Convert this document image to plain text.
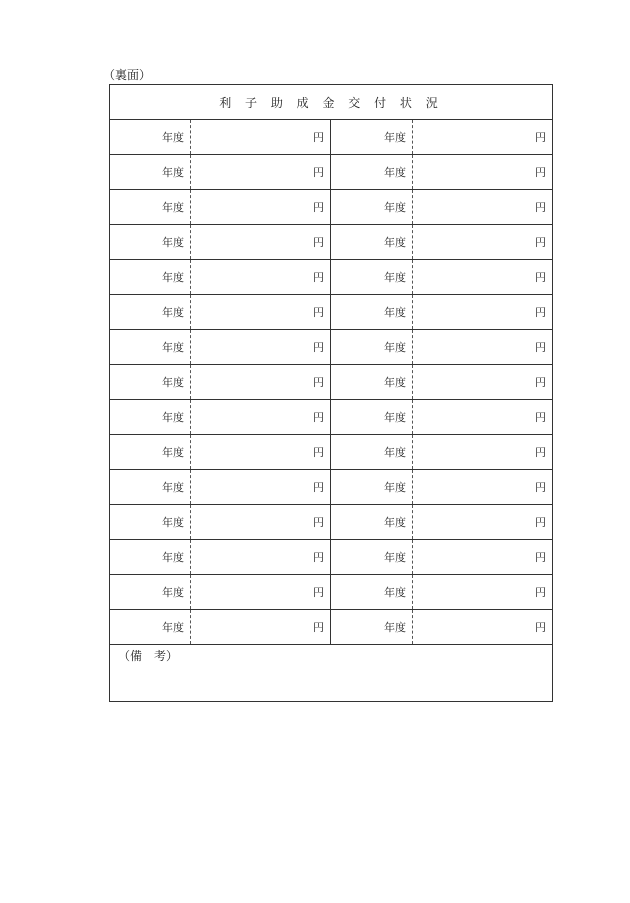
（裏面）
利 子 助 成 金 交 付 状 況
年度	円	年度	円
年度	円	年度	円
年度	円	年度	円
年度	円	年度	円
年度	円	年度	円
年度	円	年度	円
年度	円	年度	円
年度	円	年度	円
年度	円	年度	円
年度	円	年度	円
年度	円	年度	円
年度	円	年度	円
年度	円	年度	円
年度	円	年度	円
年度	円	年度	円
（備　考）
